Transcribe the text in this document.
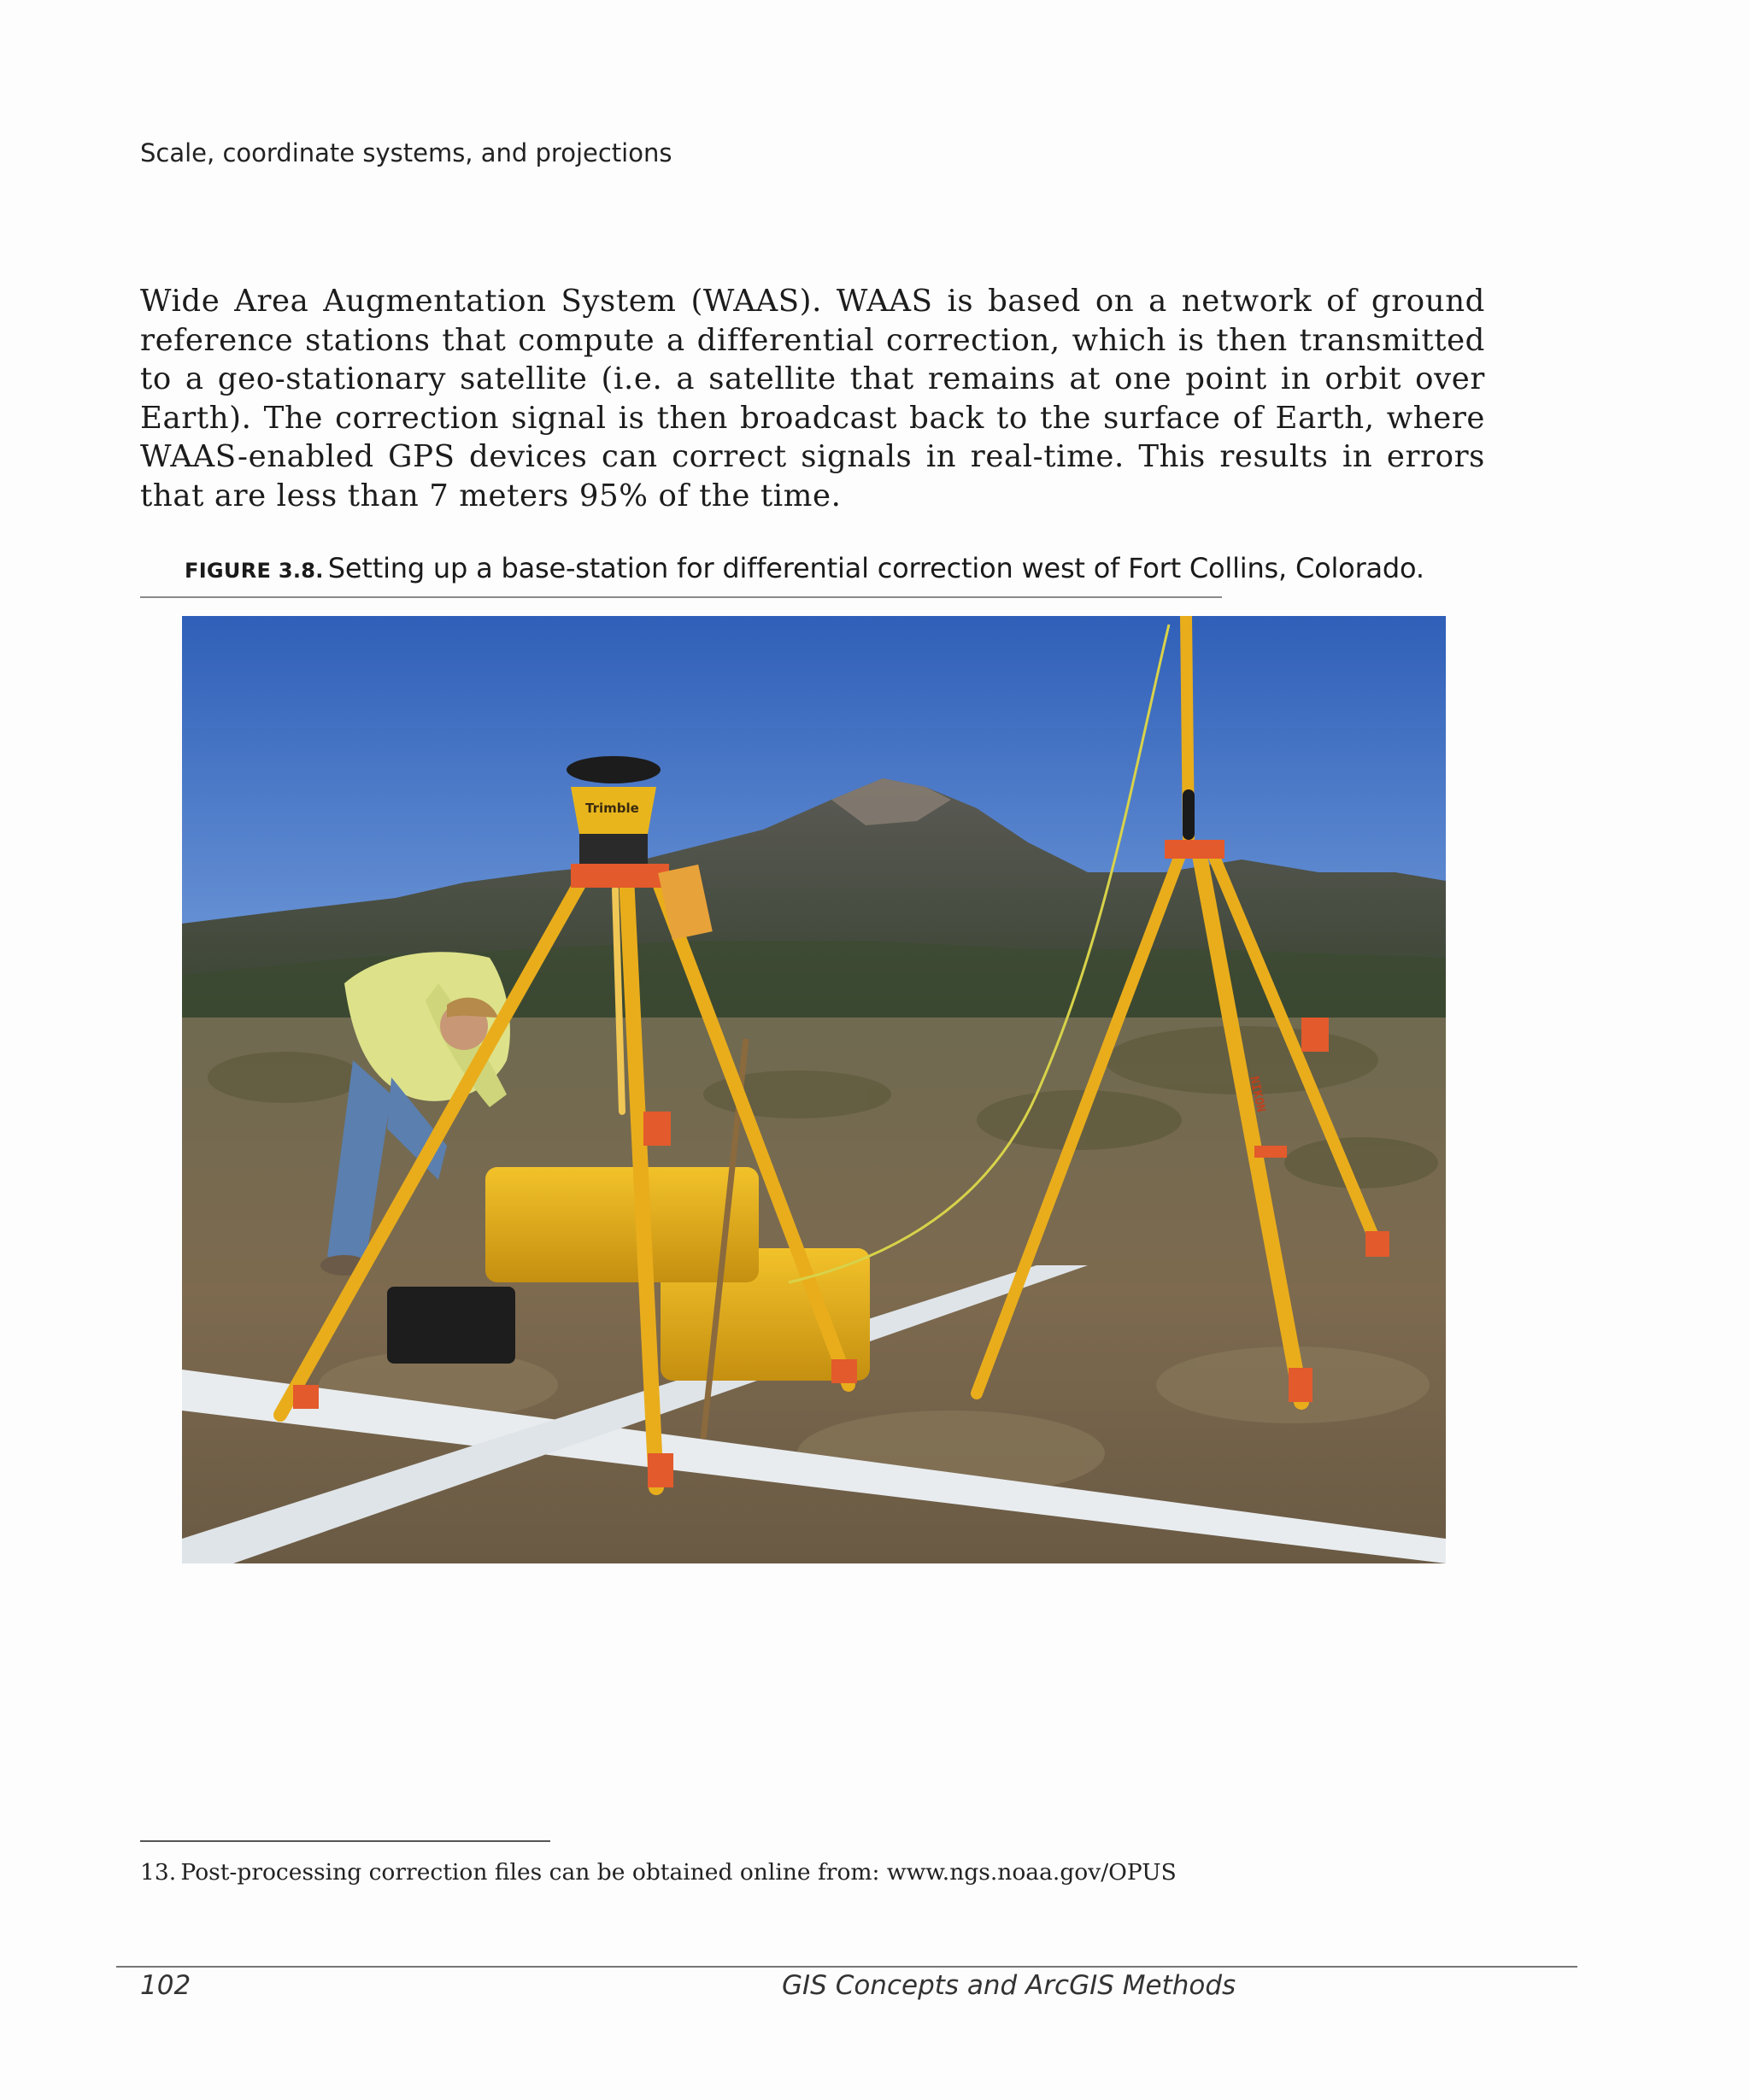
Scale, coordinate systems, and projections

Wide Area Augmentation System (WAAS). WAAS is based on a network of ground reference stations that compute a differential correction, which is then transmitted to a geo-stationary satellite (i.e. a satellite that remains at one point in orbit over Earth). The correction signal is then broadcast back to the surface of Earth, where WAAS-enabled GPS devices can correct signals in real-time. This results in errors that are less than 7 meters 95% of the time.

FIGURE 3.8. Setting up a base-station for differential correction west of Fort Collins, Colorado.
Trimble
NIKON
13. Post-processing correction files can be obtained online from: www.ngs.noaa.gov/OPUS
102	GIS Concepts and ArcGIS Methods
